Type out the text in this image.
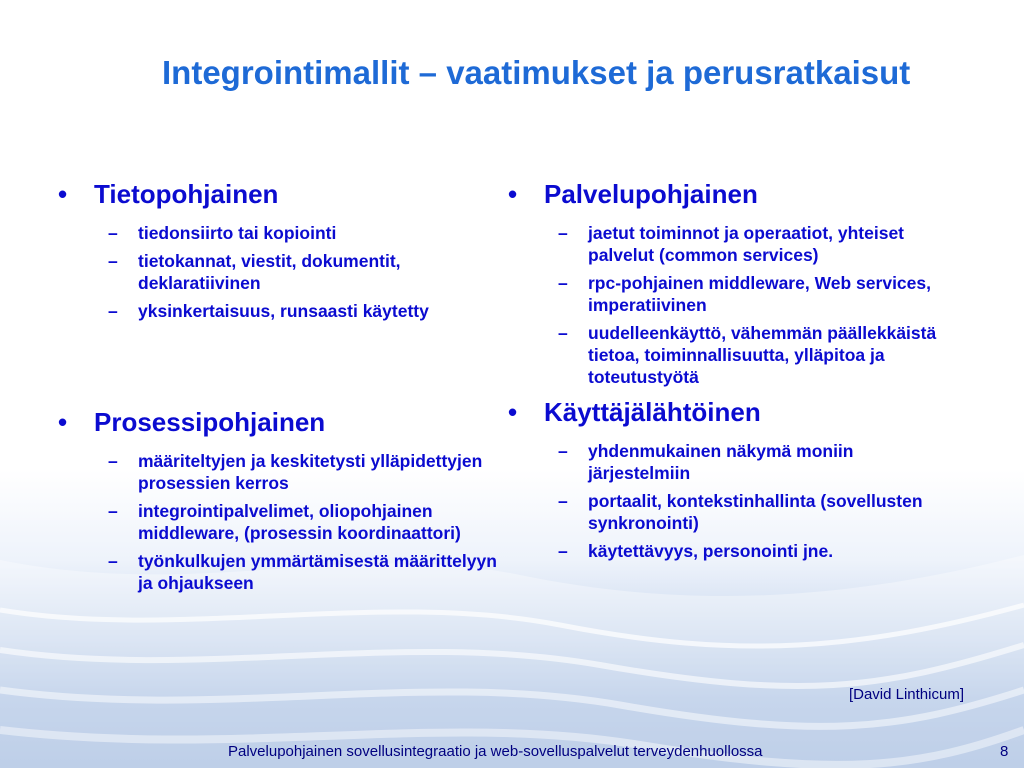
Integrointimallit – vaatimukset ja perusratkaisut
• Tietopohjainen
– tiedonsiirto tai kopiointi
– tietokannat, viestit, dokumentit, deklaratiivinen
– yksinkertaisuus, runsaasti käytetty
• Prosessipohjainen
– määriteltyjen ja keskitetysti ylläpidettyjen prosessien kerros
– integrointipalvelimet, oliopohjainen middleware, (prosessin koordinaattori)
– työnkulkujen ymmärtämisestä määrittelyyn ja ohjaukseen
• Palvelupohjainen
– jaetut toiminnot ja operaatiot, yhteiset palvelut (common services)
– rpc-pohjainen middleware, Web services, imperatiivinen
– uudelleenkäyttö, vähemmän päällekkäistä tietoa, toiminnallisuutta, ylläpitoa ja toteutustyötä
• Käyttäjälähtöinen
– yhdenmukainen näkymä moniin järjestelmiin
– portaalit, kontekstinhallinta (sovellusten synkronointi)
– käytettävyys, personointi jne.
[David Linthicum]
Palvelupohjainen sovellusintegraatio ja web-sovelluspalvelut terveydenhuollossa	8
